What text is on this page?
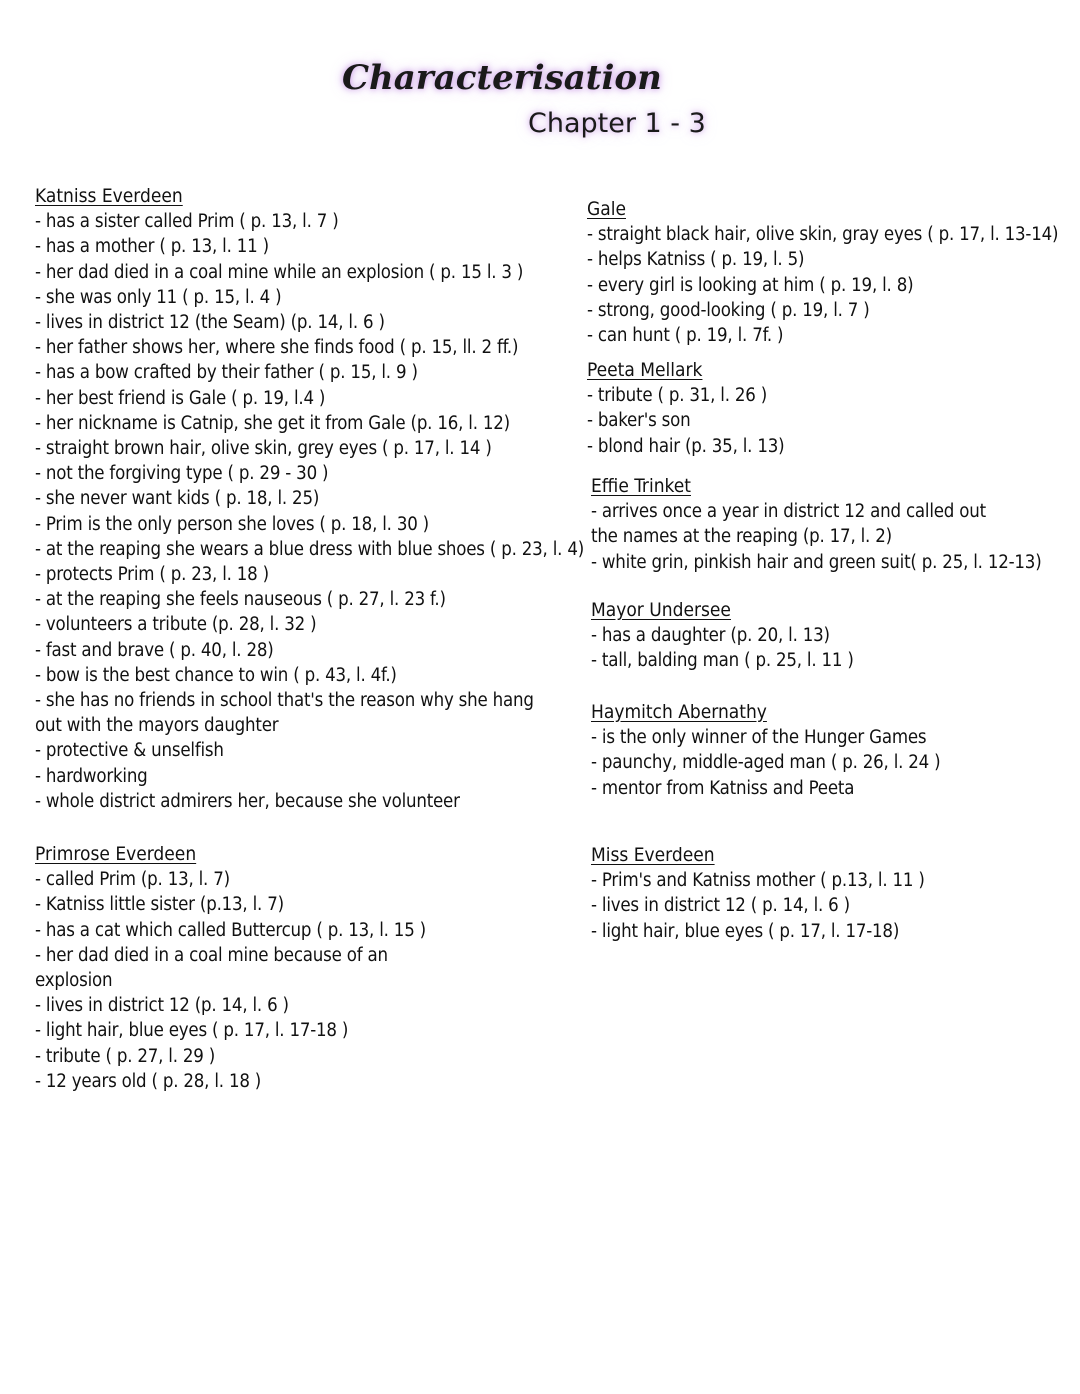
Characterisation
Chapter 1 - 3
Katniss Everdeen
- has a sister called Prim ( p. 13, l. 7 )
- has a mother ( p. 13, l. 11 )
- her dad died in a coal mine while an explosion ( p. 15 l. 3 )
- she was only 11 ( p. 15, l. 4 )
- lives in district 12 (the Seam) (p. 14, l. 6 )
- her father shows her, where she finds food ( p. 15, ll. 2 ff.)
- has a bow crafted by their father ( p. 15, l. 9 )
- her best friend is Gale ( p. 19, l.4 )
- her nickname is Catnip, she get it from Gale (p. 16, l. 12)
- straight brown hair, olive skin, grey eyes ( p. 17, l. 14 )
- not the forgiving type ( p. 29 - 30 )
- she never want kids ( p. 18, l. 25)
- Prim is the only person she loves ( p. 18, l. 30 )
- at the reaping she wears a blue dress with blue shoes ( p. 23, l. 4)
- protects Prim ( p. 23, l. 18 )
- at the reaping she feels nauseous ( p. 27, l. 23 f.)
- volunteers a tribute (p. 28, l. 32 )
- fast and brave ( p. 40, l. 28)
- bow is the best chance to win ( p. 43, l. 4f.)
- she has no friends in school that's the reason why she hang out with the mayors daughter
- protective & unselfish
- hardworking
- whole district admirers her, because she volunteer
Primrose Everdeen
- called Prim (p. 13, l. 7)
- Katniss little sister (p.13, l. 7)
- has a cat which called Buttercup ( p. 13, l. 15 )
- her dad died in a coal mine because of an explosion
- lives in district 12 (p. 14, l. 6 )
- light hair, blue eyes ( p. 17, l. 17-18 )
- tribute ( p. 27, l. 29 )
- 12 years old ( p. 28, l. 18 )
Gale
- straight black hair, olive skin, gray eyes ( p. 17, l. 13-14)
- helps Katniss ( p. 19, l. 5)
- every girl is looking at him ( p. 19, l. 8)
- strong, good-looking ( p. 19, l. 7 )
- can hunt ( p. 19, l. 7f. )
Peeta Mellark
- tribute ( p. 31, l. 26 )
- baker's son
- blond hair (p. 35, l. 13)
Effie Trinket
- arrives once a year in district 12 and called out the names at the reaping (p. 17, l. 2)
- white grin, pinkish hair and green suit( p. 25, l. 12-13)
Mayor Undersee
- has a daughter (p. 20, l. 13)
- tall, balding man ( p. 25, l. 11 )
Haymitch Abernathy
- is the only winner of the Hunger Games
- paunchy, middle-aged man ( p. 26, l. 24 )
- mentor from Katniss and Peeta
Miss Everdeen
- Prim's and Katniss mother ( p.13, l. 11 )
- lives in district 12 ( p. 14, l. 6 )
- light hair, blue eyes ( p. 17, l. 17-18)
